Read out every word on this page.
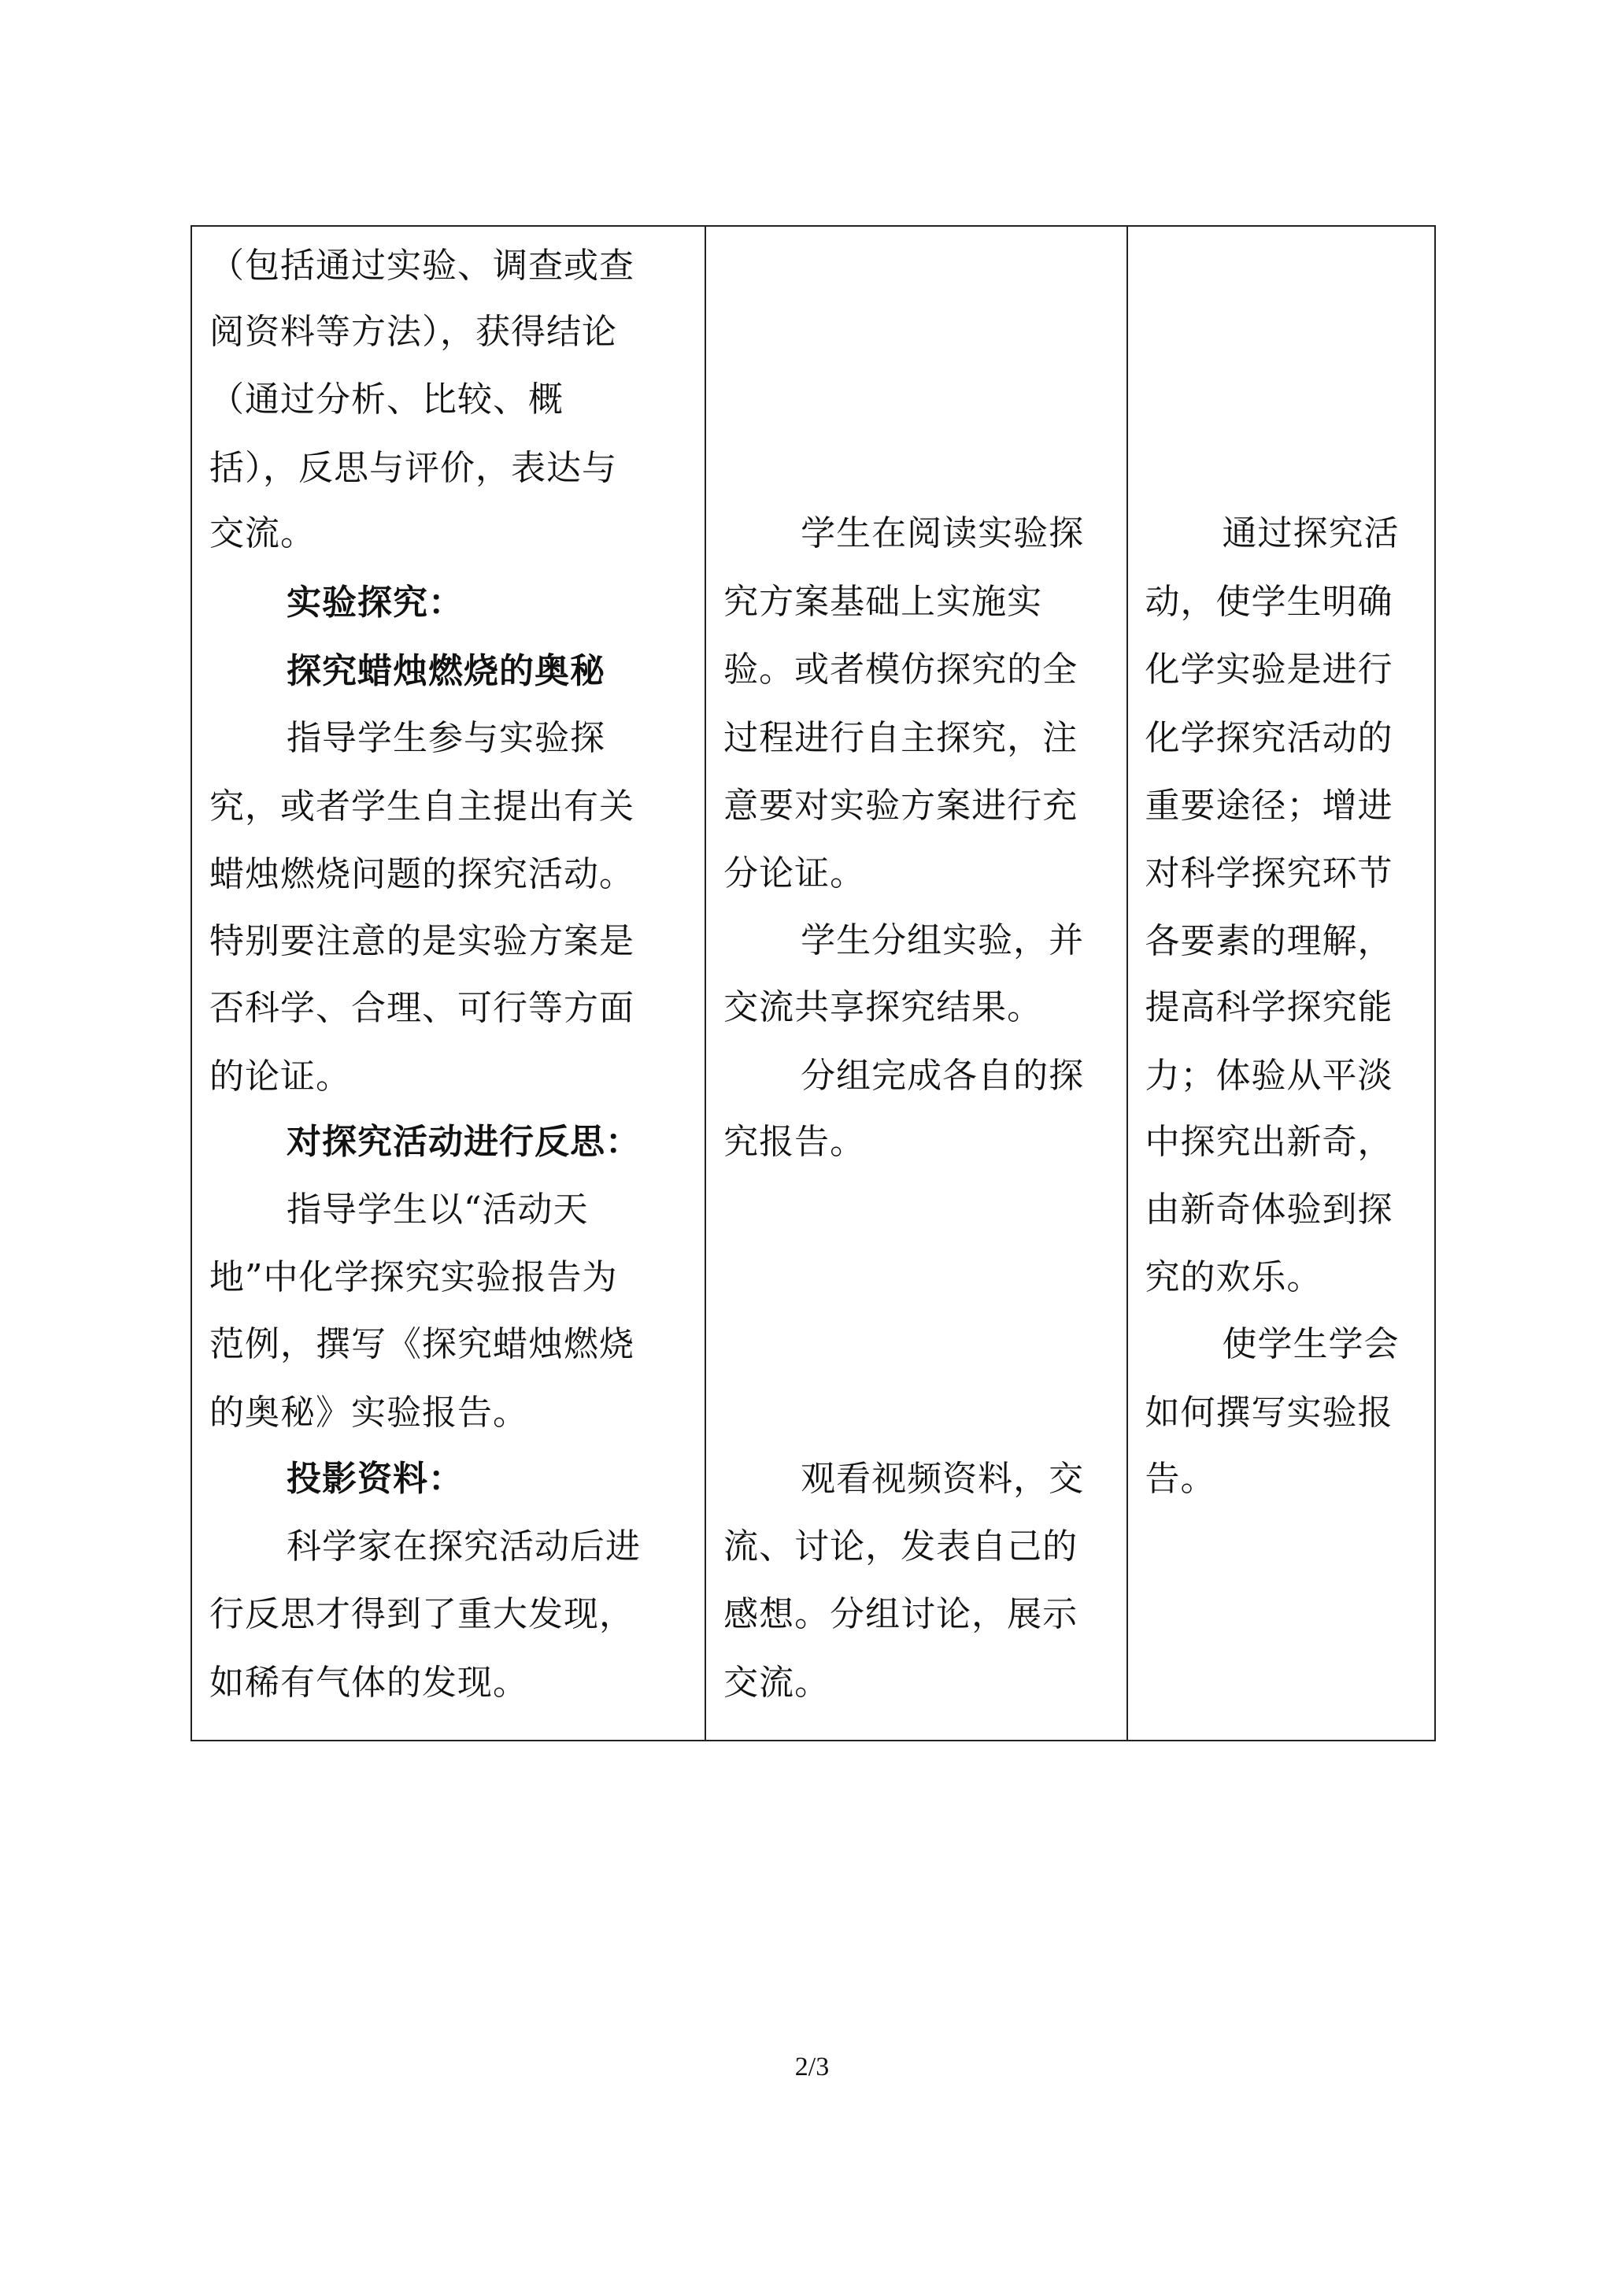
（包括通过实验、调查或查
阅资料等方法），获得结论
（通过分析、比较、概
括），反思与评价，表达与
交流。
实验探究：
探究蜡烛燃烧的奥秘
指导学生参与实验探
究，或者学生自主提出有关
蜡烛燃烧问题的探究活动。
特别要注意的是实验方案是
否科学、合理、可行等方面
的论证。
对探究活动进行反思：
指导学生以“活动天
地”中化学探究实验报告为
范例，撰写《探究蜡烛燃烧
的奥秘》实验报告。
投影资料：
科学家在探究活动后进
行反思才得到了重大发现，
如稀有气体的发现。
学生在阅读实验探
究方案基础上实施实
验。或者模仿探究的全
过程进行自主探究，注
意要对实验方案进行充
分论证。
学生分组实验，并
交流共享探究结果。
分组完成各自的探
究报告。
观看视频资料，交
流、讨论，发表自己的
感想。分组讨论，展示
交流。
通过探究活
动，使学生明确
化学实验是进行
化学探究活动的
重要途径；增进
对科学探究环节
各要素的理解，
提高科学探究能
力；体验从平淡
中探究出新奇，
由新奇体验到探
究的欢乐。
使学生学会
如何撰写实验报
告。
2/3
